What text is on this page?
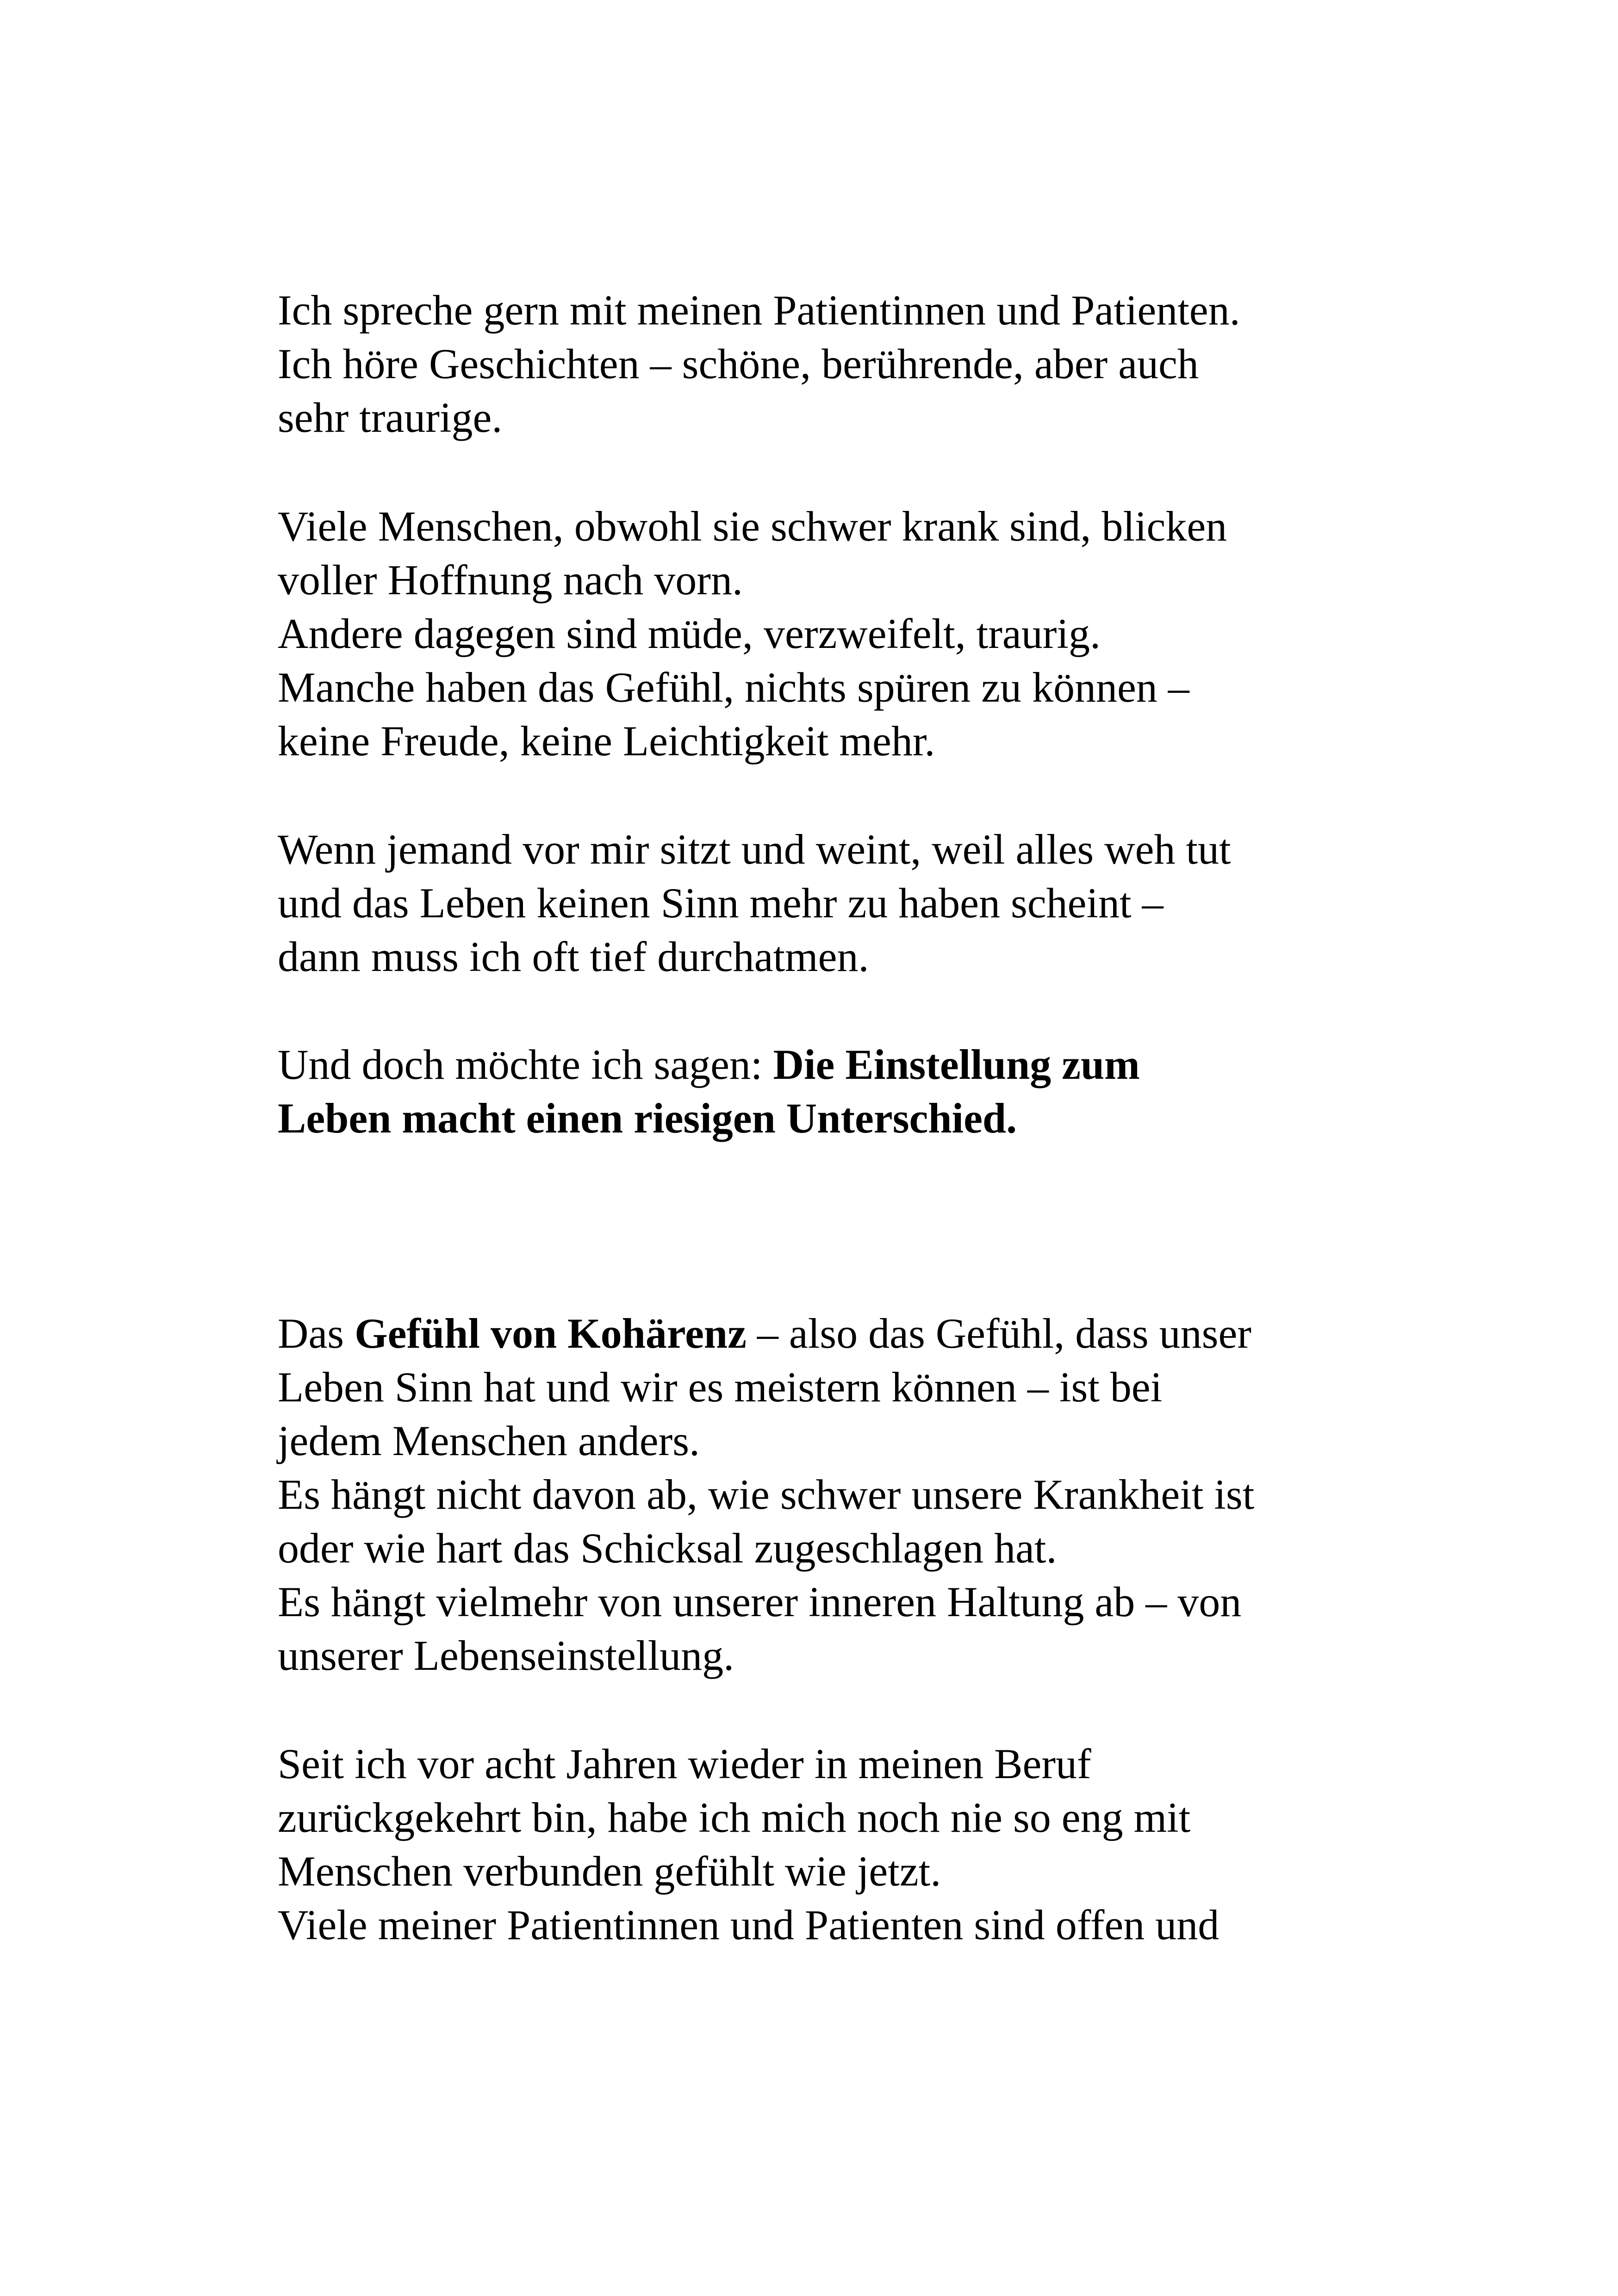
Ich spreche gern mit meinen Patientinnen und Patienten.
Ich höre Geschichten – schöne, berührende, aber auch
sehr traurige.

Viele Menschen, obwohl sie schwer krank sind, blicken
voller Hoffnung nach vorn.
Andere dagegen sind müde, verzweifelt, traurig.
Manche haben das Gefühl, nichts spüren zu können –
keine Freude, keine Leichtigkeit mehr.

Wenn jemand vor mir sitzt und weint, weil alles weh tut
und das Leben keinen Sinn mehr zu haben scheint –
dann muss ich oft tief durchatmen.

Und doch möchte ich sagen: Die Einstellung zum
Leben macht einen riesigen Unterschied.

Das Gefühl von Kohärenz – also das Gefühl, dass unser
Leben Sinn hat und wir es meistern können – ist bei
jedem Menschen anders.
Es hängt nicht davon ab, wie schwer unsere Krankheit ist
oder wie hart das Schicksal zugeschlagen hat.
Es hängt vielmehr von unserer inneren Haltung ab – von
unserer Lebenseinstellung.

Seit ich vor acht Jahren wieder in meinen Beruf
zurückgekehrt bin, habe ich mich noch nie so eng mit
Menschen verbunden gefühlt wie jetzt.
Viele meiner Patientinnen und Patienten sind offen und
